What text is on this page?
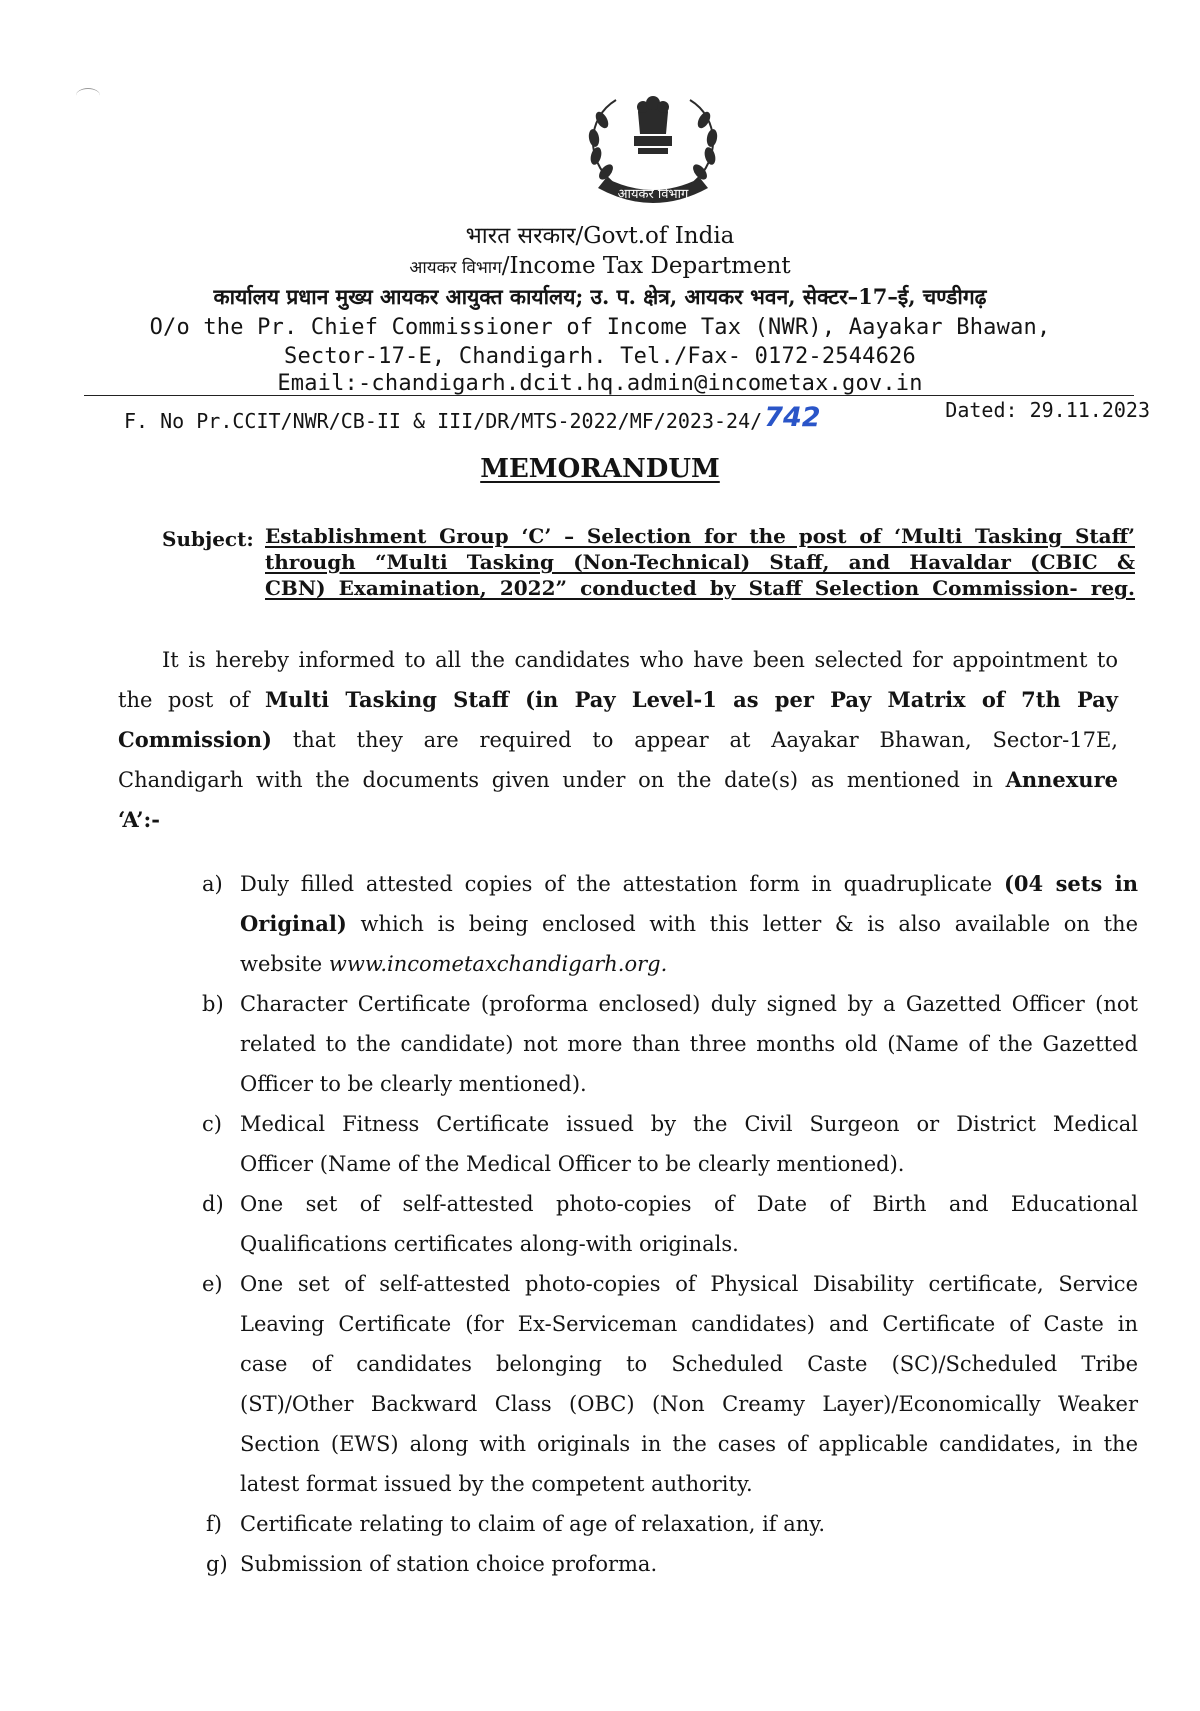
आयकर विभाग
भारत सरकार/Govt.of India
आयकर विभाग/Income Tax Department
कार्यालय प्रधान मुख्य आयकर आयुक्त कार्यालय; उ. प. क्षेत्र, आयकर भवन, सेक्टर–17–ई, चण्डीगढ़
O/o the Pr. Chief Commissioner of Income Tax (NWR), Aayakar Bhawan,
Sector-17-E, Chandigarh. Tel./Fax- 0172-2544626
Email:-chandigarh.dcit.hq.admin@incometax.gov.in
F. No Pr.CCIT/NWR/CB-II & III/DR/MTS-2022/MF/2023-24/742	Dated: 29.11.2023
MEMORANDUM
Subject: Establishment Group ‘C’ – Selection for the post of ‘Multi Tasking Staff’
through “Multi Tasking (Non-Technical) Staff, and Havaldar (CBIC &
CBN) Examination, 2022” conducted by Staff Selection Commission- reg.
It is hereby informed to all the candidates who have been selected for appointment to
the post of Multi Tasking Staff (in Pay Level-1 as per Pay Matrix of 7th Pay
Commission) that they are required to appear at Aayakar Bhawan, Sector-17E,
Chandigarh with the documents given under on the date(s) as mentioned in Annexure
‘A’:-
a) Duly filled attested copies of the attestation form in quadruplicate (04 sets in
Original) which is being enclosed with this letter & is also available on the
website www.incometaxchandigarh.org.
b) Character Certificate (proforma enclosed) duly signed by a Gazetted Officer (not
related to the candidate) not more than three months old (Name of the Gazetted
Officer to be clearly mentioned).
c) Medical Fitness Certificate issued by the Civil Surgeon or District Medical
Officer (Name of the Medical Officer to be clearly mentioned).
d) One set of self-attested photo-copies of Date of Birth and Educational
Qualifications certificates along-with originals.
e) One set of self-attested photo-copies of Physical Disability certificate, Service
Leaving Certificate (for Ex-Serviceman candidates) and Certificate of Caste in
case of candidates belonging to Scheduled Caste (SC)/Scheduled Tribe
(ST)/Other Backward Class (OBC) (Non Creamy Layer)/Economically Weaker
Section (EWS) along with originals in the cases of applicable candidates, in the
latest format issued by the competent authority.
f) Certificate relating to claim of age of relaxation, if any.
g) Submission of station choice proforma.
